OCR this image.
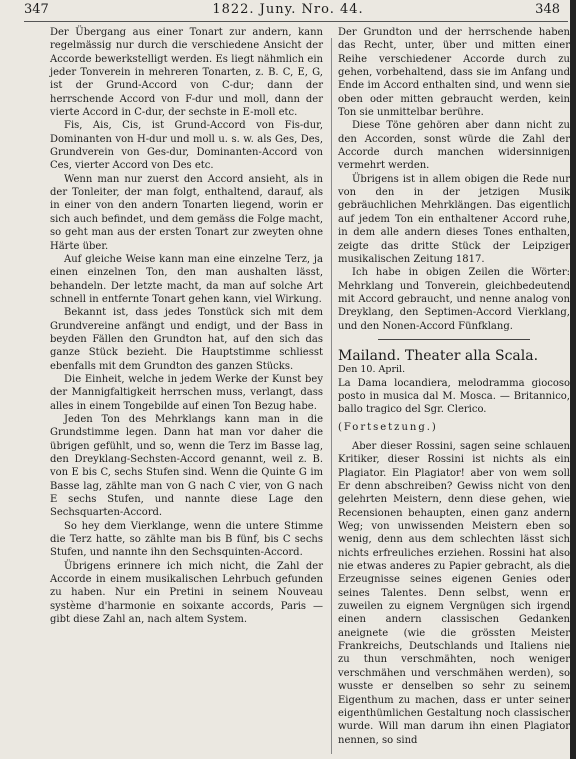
347	1822. Juny. Nro. 44.	348

Der Übergang aus einer Tonart zur andern, kann regelmässig nur durch die verschiedene Ansicht der Accorde bewerkstelligt werden. Es liegt nähmlich ein jeder Tonverein in mehreren Tonarten, z. B. C, E, G, ist der Grund-Accord von C-dur; dann der herrschende Accord von F-dur und moll, dann der vierte Accord in C-dur, der sechste in E-moll etc.

Fis, Ais, Cis, ist Grund-Accord von Fis-dur, Dominanten von H-dur und moll u. s. w. als Ges, Des, Grundverein von Ges-dur, Dominanten-Accord von Ces, vierter Accord von Des etc.

Wenn man nur zuerst den Accord ansieht, als in der Tonleiter, der man folgt, enthaltend, darauf, als in einer von den andern Tonarten liegend, worin er sich auch befindet, und dem gemäss die Folge macht, so geht man aus der ersten Tonart zur zweyten ohne Härte über.

Auf gleiche Weise kann man eine einzelne Terz, ja einen einzelnen Ton, den man aushalten lässt, behandeln. Der letzte macht, da man auf solche Art schnell in entfernte Tonart gehen kann, viel Wirkung.

Bekannt ist, dass jedes Tonstück sich mit dem Grundvereine anfängt und endigt, und der Bass in beyden Fällen den Grundton hat, auf den sich das ganze Stück bezieht. Die Hauptstimme schliesst ebenfalls mit dem Grundton des ganzen Stücks.

Die Einheit, welche in jedem Werke der Kunst bey der Mannigfaltigkeit herrschen muss, verlangt, dass alles in einem Tongebilde auf einen Ton Bezug habe.

Jeden Ton des Mehrklangs kann man in die Grundstimme legen. Dann hat man vor daher die übrigen gefühlt, und so, wenn die Terz im Basse lag, den Dreyklang-Sechsten-Accord genannt, weil z. B. von E bis C, sechs Stufen sind. Wenn die Quinte G im Basse lag, zählte man von G nach C vier, von G nach E sechs Stufen, und nannte diese Lage den Sechsquarten-Accord.

So hey dem Vierklange, wenn die untere Stimme die Terz hatte, so zählte man bis B fünf, bis C sechs Stufen, und nannte ihn den Sechsquinten-Accord.

Übrigens erinnere ich mich nicht, die Zahl der Accorde in einem musikalischen Lehrbuch gefunden zu haben. Nur ein Pretini in seinem Nouveau système d'harmonie en soixante accords, Paris — gibt diese Zahl an, nach altem System.

Der Grundton und der herrschende haben das Recht, unter, über und mitten einer Reihe verschiedener Accorde durch zu gehen, vorbehaltend, dass sie im Anfang und Ende im Accord enthalten sind, und wenn sie oben oder mitten gebraucht werden, kein Ton sie unmittelbar berühre.

Diese Töne gehören aber dann nicht zu den Accorden, sonst würde die Zahl der Accorde durch manchen widersinnigen vermehrt werden.

Übrigens ist in allem obigen die Rede nur von den in der jetzigen Musik gebräuchlichen Mehrklängen. Das eigentlich auf jedem Ton ein enthaltener Accord ruhe, in dem alle andern dieses Tones enthalten, zeigte das dritte Stück der Leipziger musikalischen Zeitung 1817.

Ich habe in obigen Zeilen die Wörter: Mehrklang und Tonverein, gleichbedeutend mit Accord gebraucht, und nenne analog von Dreyklang, den Septimen-Accord Vierklang, und den Nonen-Accord Fünfklang.

Mailand. Theater alla Scala.

Den 10. April.

La Dama locandiera, melodramma giocoso posto in musica dal M. Mosca. — Britannico, ballo tragico del Sgr. Clerico.

(Fortsetzung.)

Aber dieser Rossini, sagen seine schlauen Kritiker, dieser Rossini ist nichts als ein Plagiator. Ein Plagiator! aber von wem soll Er denn abschreiben? Gewiss nicht von den gelehrten Meistern, denn diese gehen, wie Recensionen behaupten, einen ganz andern Weg; von unwissenden Meistern eben so wenig, denn aus dem schlechten lässt sich nichts erfreuliches erziehen. Rossini hat also nie etwas anderes zu Papier gebracht, als die Erzeugnisse seines eigenen Genies oder seines Talentes. Denn selbst, wenn er zuweilen zu eignem Vergnügen sich irgend einen andern classischen Gedanken aneignete (wie die grössten Meister Frankreichs, Deutschlands und Italiens nie zu thun verschmähten, noch weniger verschmähen und verschmähen werden), so wusste er denselben so sehr zu seinem Eigenthum zu machen, dass er unter seiner eigenthümlichen Gestaltung noch classischer wurde. Will man darum ihn einen Plagiator nennen, so sind
